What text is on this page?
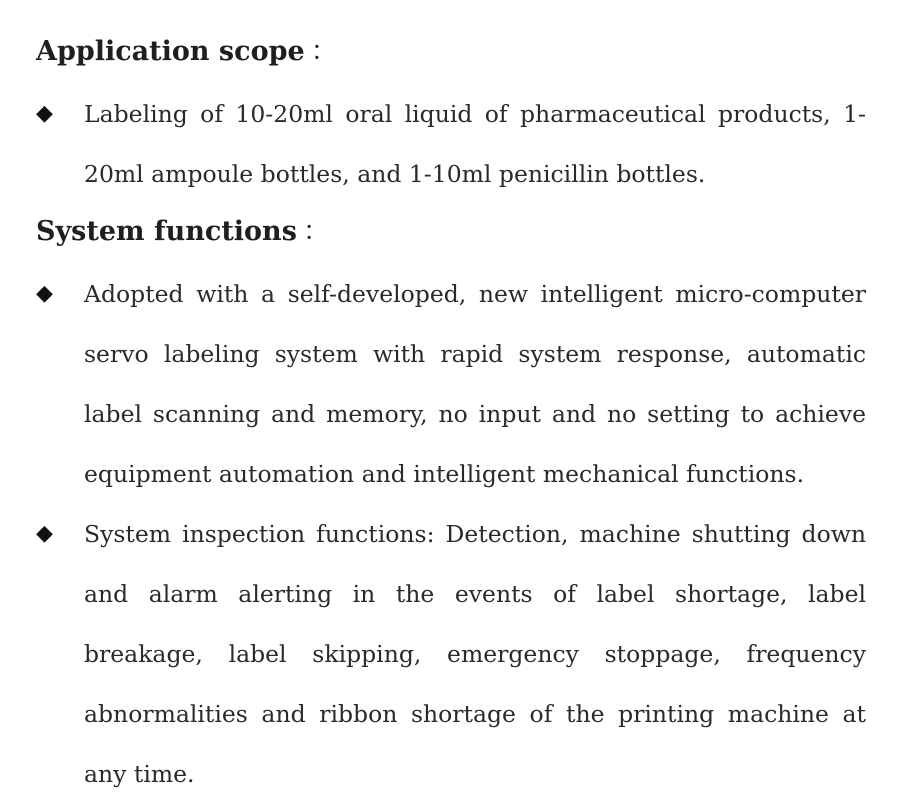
Application scope ：
◆	Labeling of 10-20ml oral liquid of pharmaceutical products, 1-20ml ampoule bottles, and 1-10ml penicillin bottles.
System functions ：
◆	Adopted with a self-developed, new intelligent micro-computer servo labeling system with rapid system response, automatic label scanning and memory, no input and no setting to achieve equipment automation and intelligent mechanical functions.
◆	System inspection functions: Detection, machine shutting down and alarm alerting in the events of label shortage, label breakage, label skipping, emergency stoppage, frequency abnormalities and ribbon shortage of the printing machine at any time.
